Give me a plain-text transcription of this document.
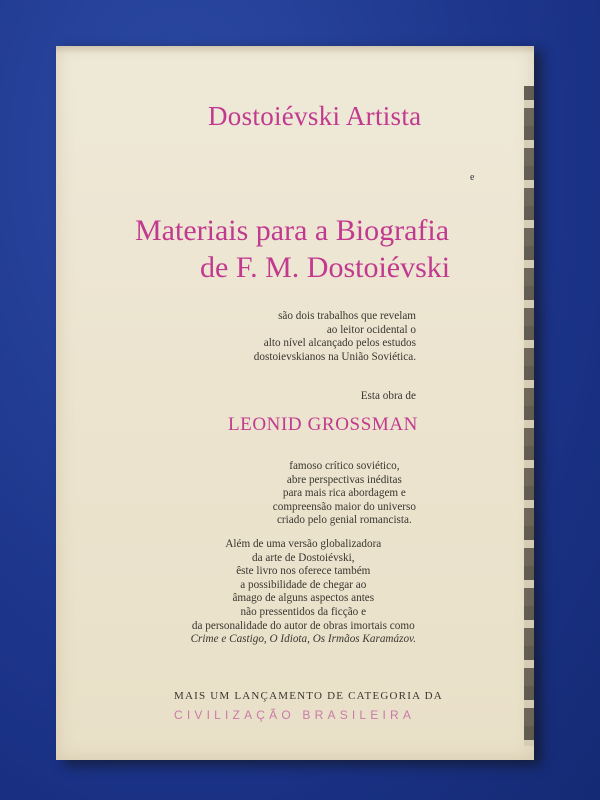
Dostoiévski Artista
e
Materiais para a Biografia
de F. M. Dostoiévski
são dois trabalhos que revelam
ao leitor ocidental o
alto nível alcançado pelos estudos
dostoievskianos na União Soviética.
Esta obra de
LEONID GROSSMAN
famoso crítico soviético,
abre perspectivas inéditas
para mais rica abordagem e
compreensão maior do universo
criado pelo genial romancista.
Além de uma versão globalizadora
da arte de Dostoiévski,
êste livro nos oferece também
a possibilidade de chegar ao
âmago de alguns aspectos antes
não pressentidos da ficção e
da personalidade do autor de obras imortais como
Crime e Castigo, O Idiota, Os Irmãos Karamázov.
MAIS UM LANÇAMENTO DE CATEGORIA DA
CIVILIZAÇÃO BRASILEIRA
